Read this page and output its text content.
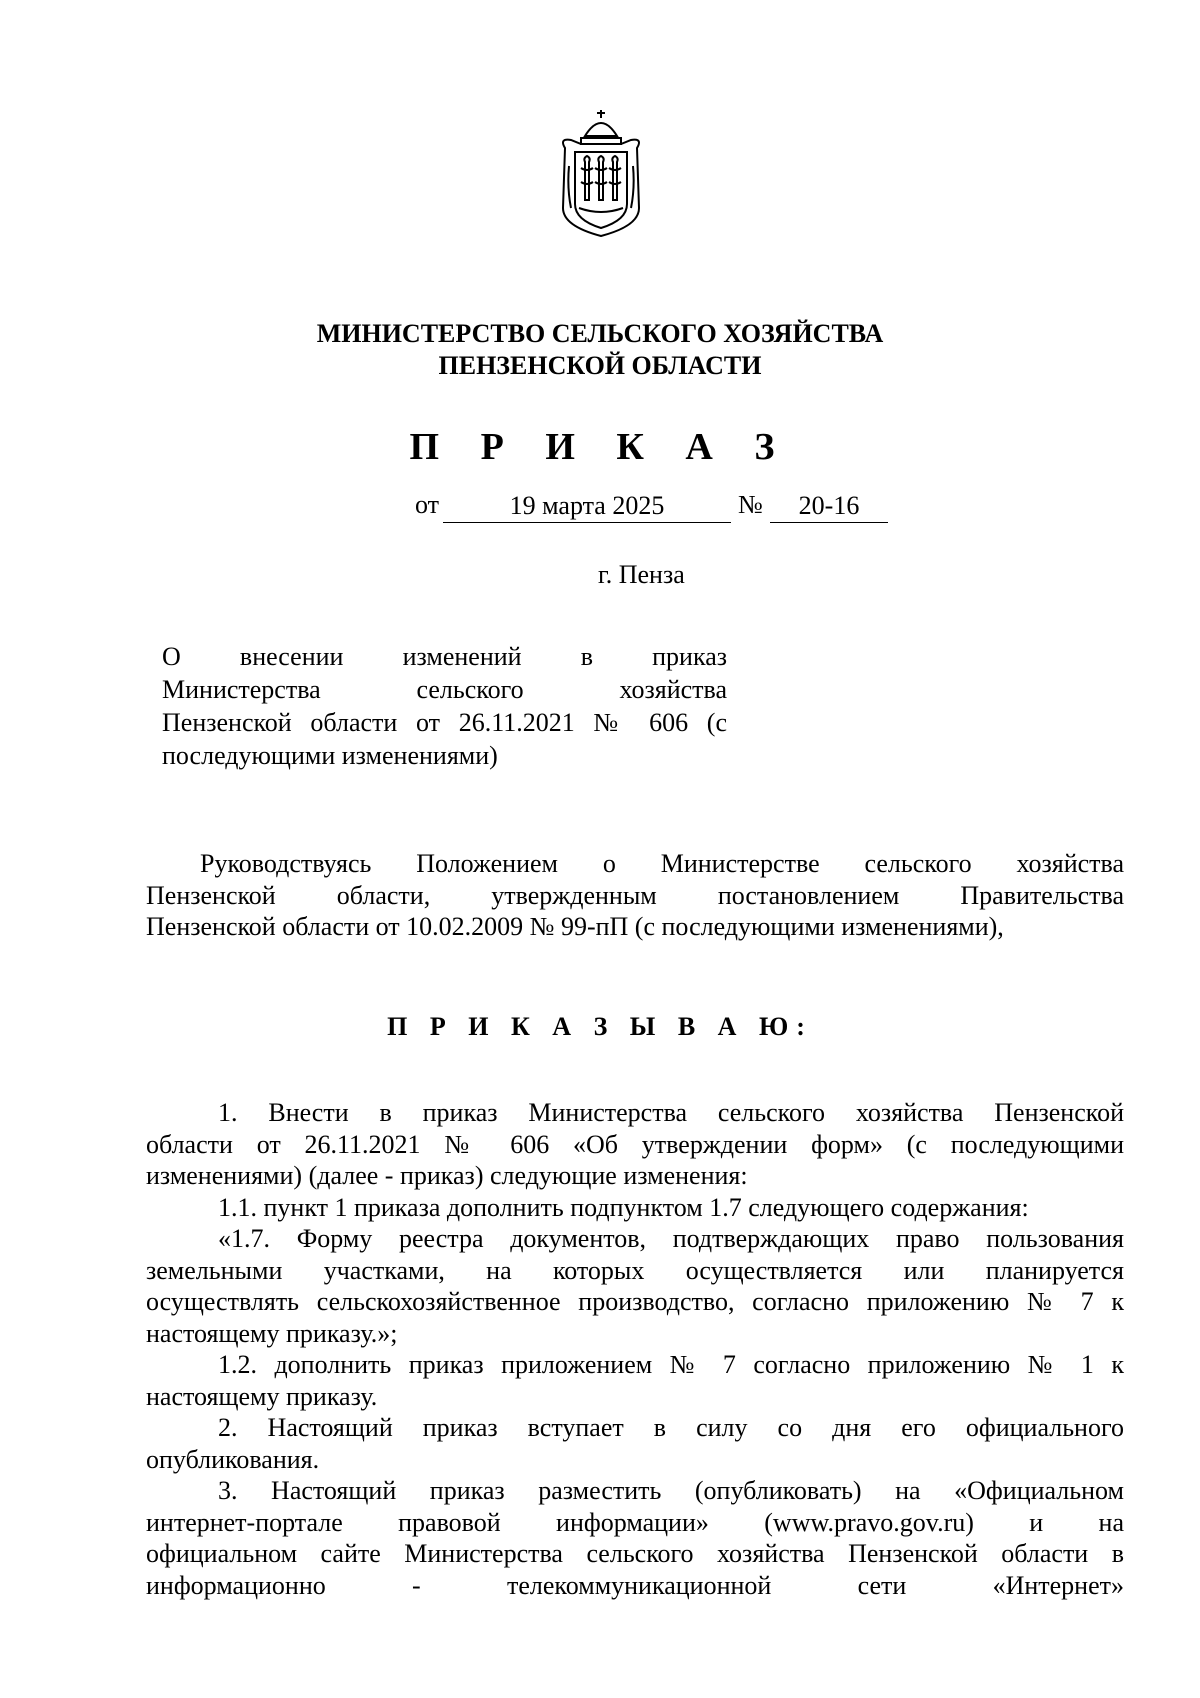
МИНИСТЕРСТВО СЕЛЬСКОГО ХОЗЯЙСТВА
ПЕНЗЕНСКОЙ ОБЛАСТИ
П Р И К А З
от	19 марта 2025	№	20-16
г. Пенза
О внесении изменений в приказ
Министерства сельского хозяйства
Пензенской области от 26.11.2021 № 606 (с
последующими изменениями)
Руководствуясь Положением о Министерстве сельского хозяйства
Пензенской области, утвержденным постановлением Правительства
Пензенской области от 10.02.2009 № 99-пП (с последующими изменениями),
П Р И К А З Ы В А Ю:
1. Внести в приказ Министерства сельского хозяйства Пензенской
области от 26.11.2021 № 606 «Об утверждении форм» (с последующими
изменениями) (далее - приказ) следующие изменения:
1.1. пункт 1 приказа дополнить подпунктом 1.7 следующего содержания:
«1.7. Форму реестра документов, подтверждающих право пользования
земельными участками, на которых осуществляется или планируется
осуществлять сельскохозяйственное производство, согласно приложению № 7 к
настоящему приказу.»;
1.2. дополнить приказ приложением № 7 согласно приложению № 1 к
настоящему приказу.
2. Настоящий приказ вступает в силу со дня его официального
опубликования.
3. Настоящий приказ разместить (опубликовать) на «Официальном
интернет-портале правовой информации» (www.pravo.gov.ru) и на
официальном сайте Министерства сельского хозяйства Пензенской области в
информационно - телекоммуникационной сети «Интернет»
